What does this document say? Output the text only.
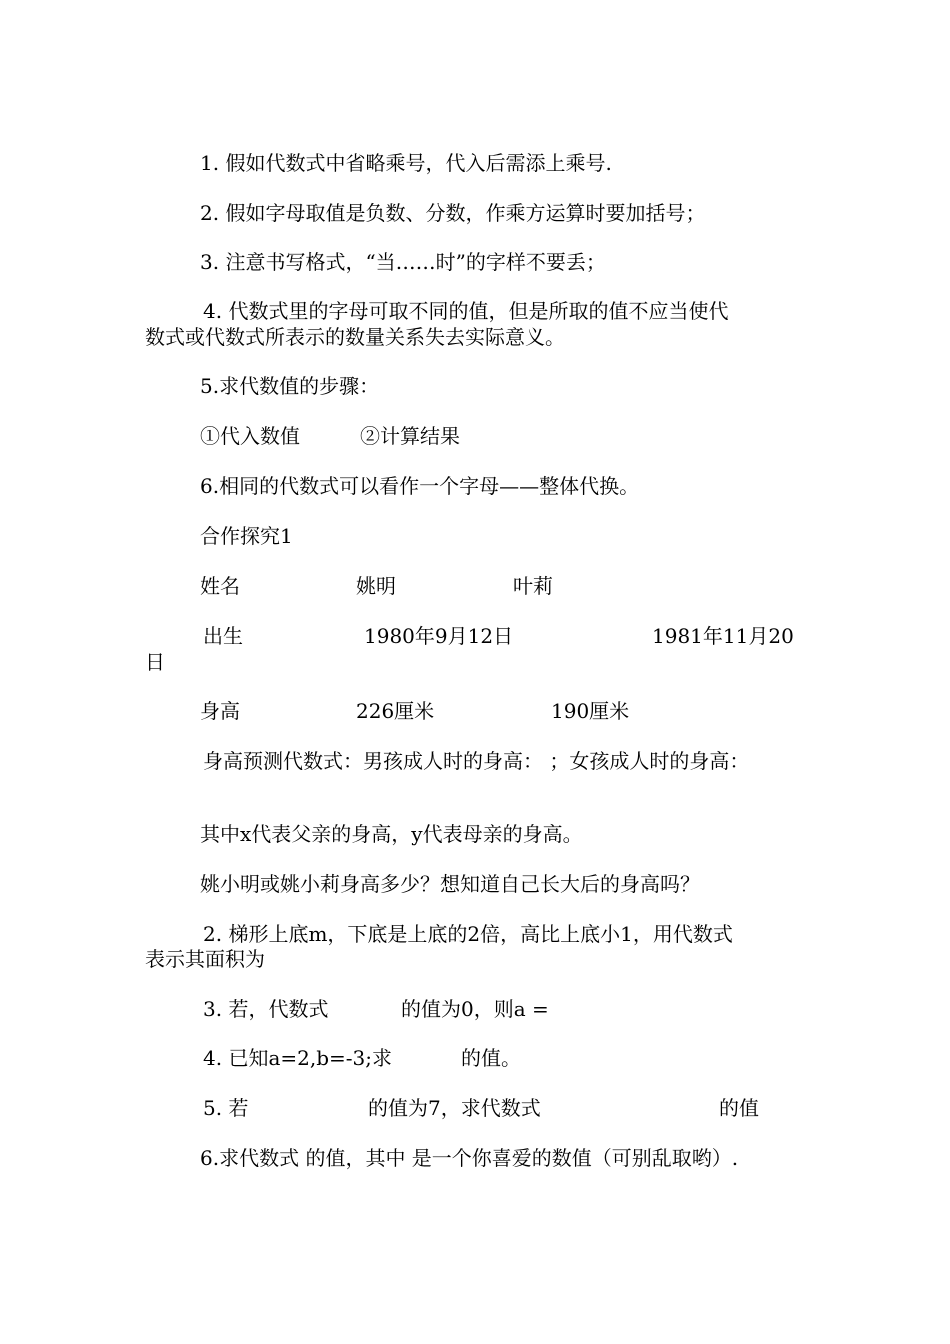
1. 假如代数式中省略乘号，代入后需添上乘号.

2. 假如字母取值是负数、分数，作乘方运算时要加括号；

3. 注意书写格式，“当……时”的字样不要丢；

4. 代数式里的字母可取不同的值，但是所取的值不应当使代

数式或代数式所表示的数量关系失去实际意义。

5.求代数值的步骤：

①代入数值	②计算结果

6.相同的代数式可以看作一个字母——整体代换。

合作探究1

姓名	姚明	叶莉
出生	1980年9月12日	1981年11月20
日
身高	226厘米	190厘米

身高预测代数式：男孩成人时的身高： ；女孩成人时的身高：

其中x代表父亲的身高，y代表母亲的身高。

姚小明或姚小莉身高多少？想知道自己长大后的身高吗？

2. 梯形上底m，下底是上底的2倍，高比上底小1，用代数式

表示其面积为

3. 若，代数式	的值为0，则a =

4. 已知a=2,b=-3;求	的值。

5. 若	的值为7，求代数式	的值

6.求代数式 的值，其中 是一个你喜爱的数值（可别乱取哟）.
